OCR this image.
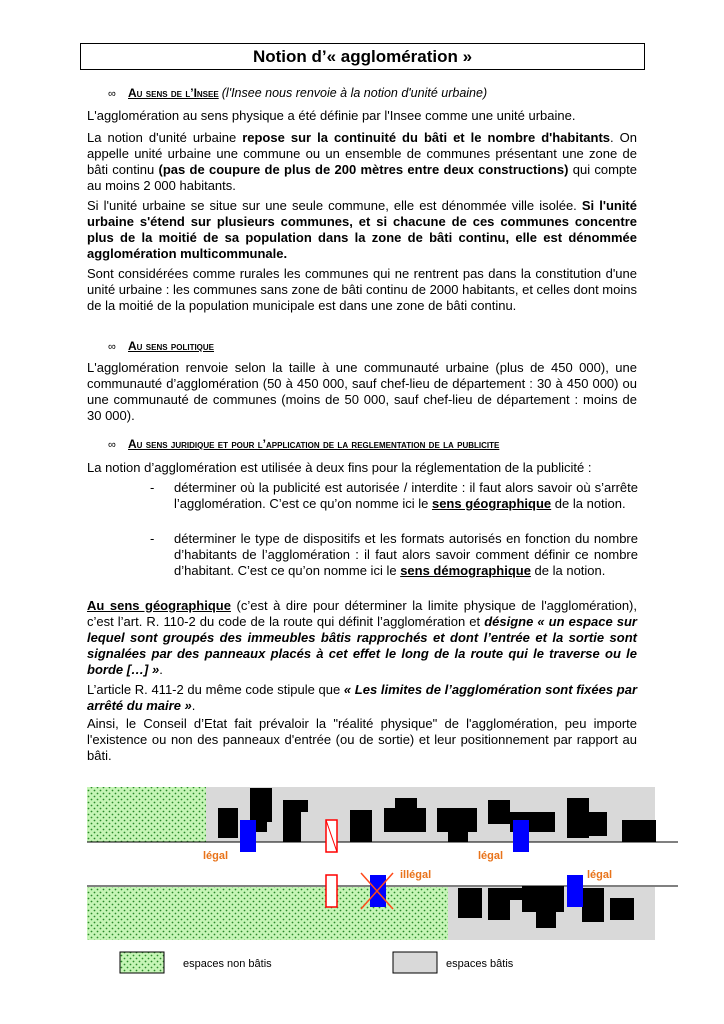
Notion d’« agglomération »
∞ Au sens de l’Insee (l'Insee nous renvoie à la notion d'unité urbaine)

L'agglomération au sens physique a été définie par l'Insee comme une unité urbaine.

La notion d'unité urbaine repose sur la continuité du bâti et le nombre d'habitants. On appelle unité urbaine une commune ou un ensemble de communes présentant une zone de bâti continu (pas de coupure de plus de 200 mètres entre deux constructions) qui compte au moins 2 000 habitants.

Si l'unité urbaine se situe sur une seule commune, elle est dénommée ville isolée. Si l'unité urbaine s'étend sur plusieurs communes, et si chacune de ces communes concentre plus de la moitié de sa population dans la zone de bâti continu, elle est dénommée agglomération multicommunale.

Sont considérées comme rurales les communes qui ne rentrent pas dans la constitution d'une unité urbaine : les communes sans zone de bâti continu de 2000 habitants, et celles dont moins de la moitié de la population municipale est dans une zone de bâti continu.

∞ Au sens politique

L'agglomération renvoie selon la taille à une communauté urbaine (plus de 450 000), une communauté d’agglomération (50 à 450 000, sauf chef-lieu de département : 30 à 450 000) ou une communauté de communes (moins de 50 000, sauf chef-lieu de département : moins de 30 000).

∞ Au sens juridique et pour l’application de la reglementation de la publicite

La notion d’agglomération est utilisée à deux fins pour la réglementation de la publicité :

- déterminer où la publicité est autorisée / interdite : il faut alors savoir où s’arrête l’agglomération. C’est ce qu’on nomme ici le sens géographique de la notion.
- déterminer le type de dispositifs et les formats autorisés en fonction du nombre d’habitants de l’agglomération : il faut alors savoir comment définir ce nombre d’habitant. C’est ce qu’on nomme ici le sens démographique de la notion.

Au sens géographique (c’est à dire pour déterminer la limite physique de l'agglomération), c’est l’art. R. 110-2 du code de la route qui définit l’agglomération et désigne « un espace sur lequel sont groupés des immeubles bâtis rapprochés et dont l’entrée et la sortie sont signalées par des panneaux placés à cet effet le long de la route qui le traverse ou le borde […] ».

L’article R. 411-2 du même code stipule que « Les limites de l’agglomération sont fixées par arrêté du maire ».

Ainsi, le Conseil d’Etat fait prévaloir la "réalité physique" de l'agglomération, peu importe l'existence ou non des panneaux d'entrée (ou de sortie) et leur positionnement par rapport au bâti.

légal	légal
illégal	légal
espaces non bâtis	espaces bâtis
